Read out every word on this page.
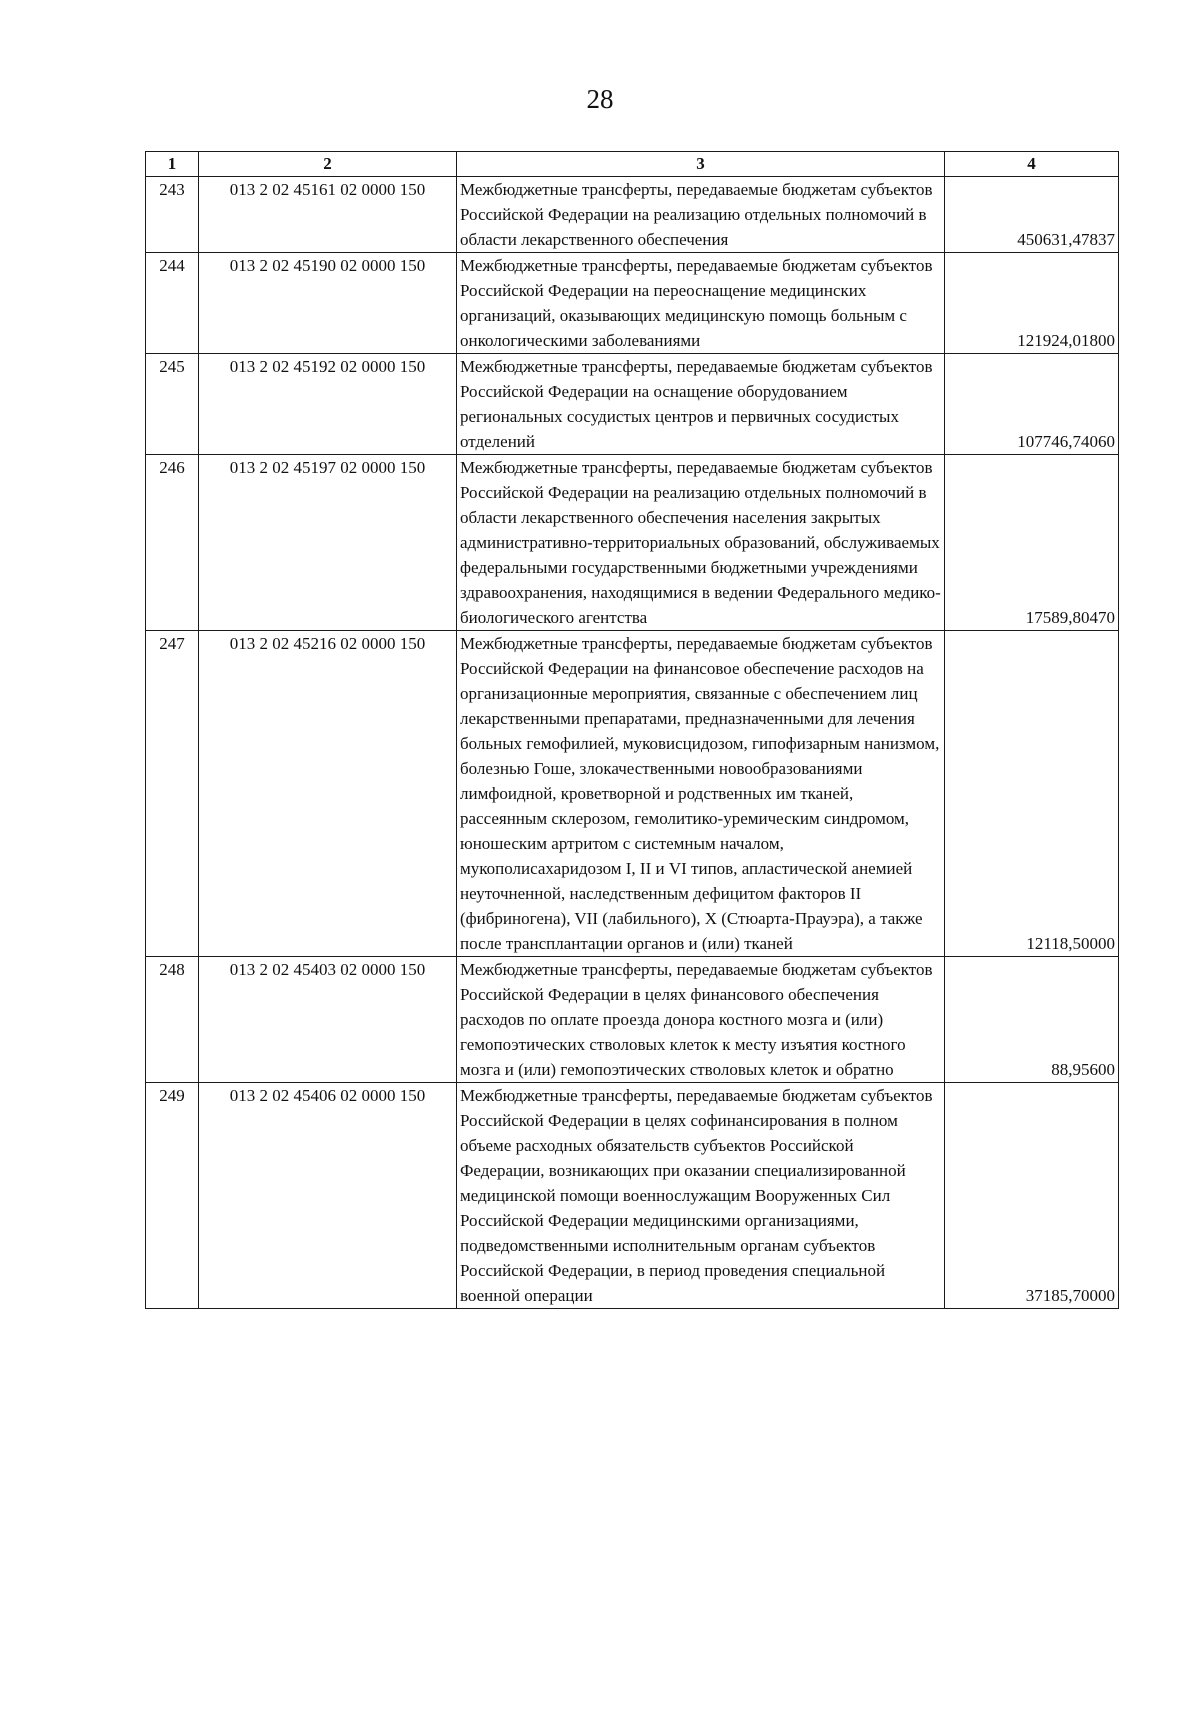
28
1	2	3	4
243	013 2 02 45161 02 0000 150	Межбюджетные трансферты, передаваемые бюджетам субъектов Российской Федерации на реализацию отдельных полномочий в области лекарственного обеспечения	450631,47837
244	013 2 02 45190 02 0000 150	Межбюджетные трансферты, передаваемые бюджетам субъектов Российской Федерации на переоснащение медицинских организаций, оказывающих медицинскую помощь больным с онкологическими заболеваниями	121924,01800
245	013 2 02 45192 02 0000 150	Межбюджетные трансферты, передаваемые бюджетам субъектов Российской Федерации на оснащение оборудованием региональных сосудистых центров и первичных сосудистых отделений	107746,74060
246	013 2 02 45197 02 0000 150	Межбюджетные трансферты, передаваемые бюджетам субъектов Российской Федерации на реализацию отдельных полномочий в области лекарственного обеспечения населения закрытых административно-территориальных образований, обслуживаемых федеральными государственными бюджетными учреждениями здравоохранения, находящимися в ведении Федерального медико-биологического агентства	17589,80470
247	013 2 02 45216 02 0000 150	Межбюджетные трансферты, передаваемые бюджетам субъектов Российской Федерации на финансовое обеспечение расходов на организационные мероприятия, связанные с обеспечением лиц лекарственными препаратами, предназначенными для лечения больных гемофилией, муковисцидозом, гипофизарным нанизмом, болезнью Гоше, злокачественными новообразованиями лимфоидной, кроветворной и родственных им тканей, рассеянным склерозом, гемолитико-уремическим синдромом, юношеским артритом с системным началом, мукополисахаридозом I, II и VI типов, апластической анемией неуточненной, наследственным дефицитом факторов II (фибриногена), VII (лабильного), X (Стюарта-Прауэра), а также после трансплантации органов и (или) тканей	12118,50000
248	013 2 02 45403 02 0000 150	Межбюджетные трансферты, передаваемые бюджетам субъектов Российской Федерации в целях финансового обеспечения расходов по оплате проезда донора костного мозга и (или) гемопоэтических стволовых клеток к месту изъятия костного мозга и (или) гемопоэтических стволовых клеток и обратно	88,95600
249	013 2 02 45406 02 0000 150	Межбюджетные трансферты, передаваемые бюджетам субъектов Российской Федерации в целях софинансирования в полном объеме расходных обязательств субъектов Российской Федерации, возникающих при оказании специализированной медицинской помощи военнослужащим Вооруженных Сил Российской Федерации медицинскими организациями, подведомственными исполнительным органам субъектов Российской Федерации, в период проведения специальной военной операции	37185,70000
